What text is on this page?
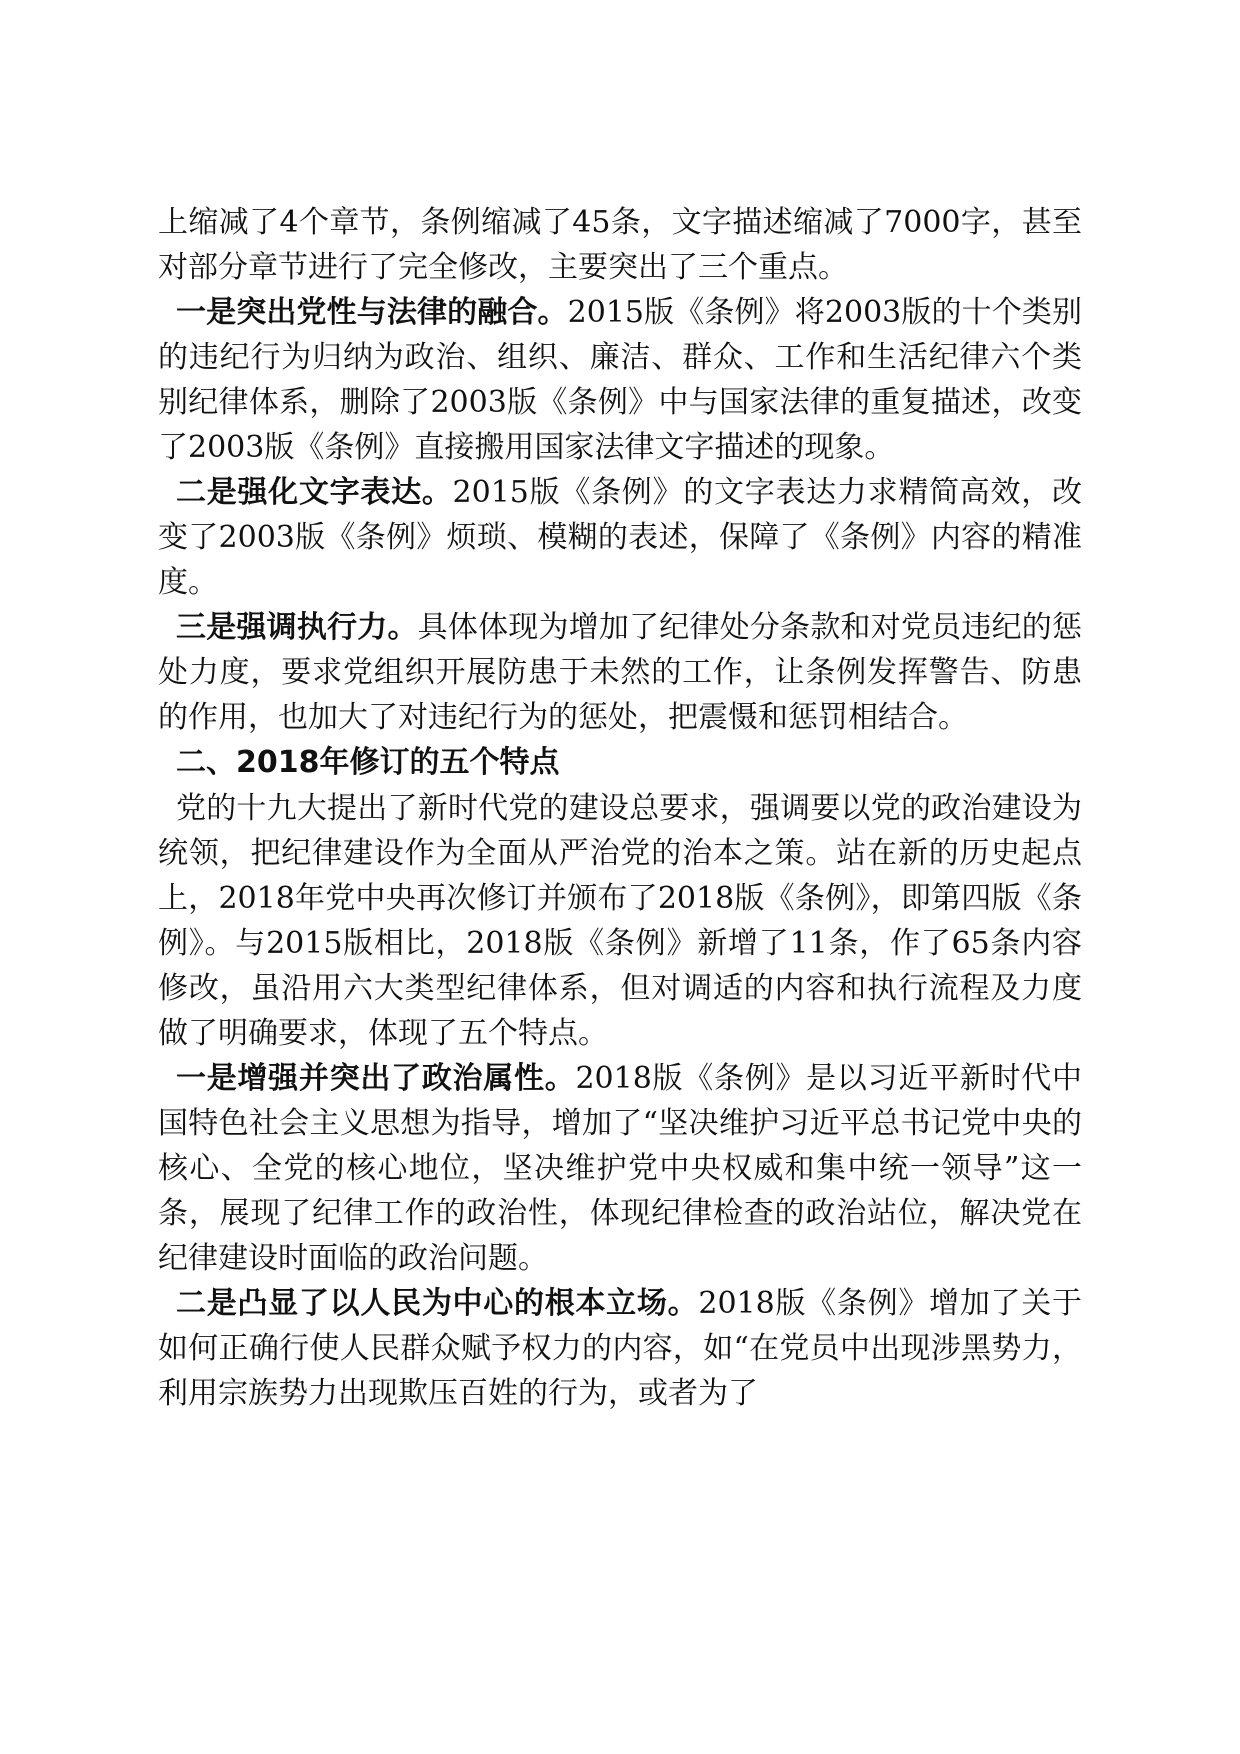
上缩减了4个章节，条例缩减了45条，文字描述缩减了7000字，甚至对部分章节进行了完全修改，主要突出了三个重点。

一是突出党性与法律的融合。2015版《条例》将2003版的十个类别的违纪行为归纳为政治、组织、廉洁、群众、工作和生活纪律六个类别纪律体系，删除了2003版《条例》中与国家法律的重复描述，改变了2003版《条例》直接搬用国家法律文字描述的现象。

二是强化文字表达。2015版《条例》的文字表达力求精简高效，改变了2003版《条例》烦琐、模糊的表述，保障了《条例》内容的精准度。

三是强调执行力。具体体现为增加了纪律处分条款和对党员违纪的惩处力度，要求党组织开展防患于未然的工作，让条例发挥警告、防患的作用，也加大了对违纪行为的惩处，把震慑和惩罚相结合。

二、2018年修订的五个特点

党的十九大提出了新时代党的建设总要求，强调要以党的政治建设为统领，把纪律建设作为全面从严治党的治本之策。站在新的历史起点上，2018年党中央再次修订并颁布了2018版《条例》，即第四版《条例》。与2015版相比，2018版《条例》新增了11条，作了65条内容修改，虽沿用六大类型纪律体系，但对调适的内容和执行流程及力度做了明确要求，体现了五个特点。

一是增强并突出了政治属性。2018版《条例》是以习近平新时代中国特色社会主义思想为指导，增加了“坚决维护习近平总书记党中央的核心、全党的核心地位，坚决维护党中央权威和集中统一领导”这一条，展现了纪律工作的政治性，体现纪律检查的政治站位，解决党在纪律建设时面临的政治问题。

二是凸显了以人民为中心的根本立场。2018版《条例》增加了关于如何正确行使人民群众赋予权力的内容，如“在党员中出现涉黑势力，利用宗族势力出现欺压百姓的行为，或者为了
